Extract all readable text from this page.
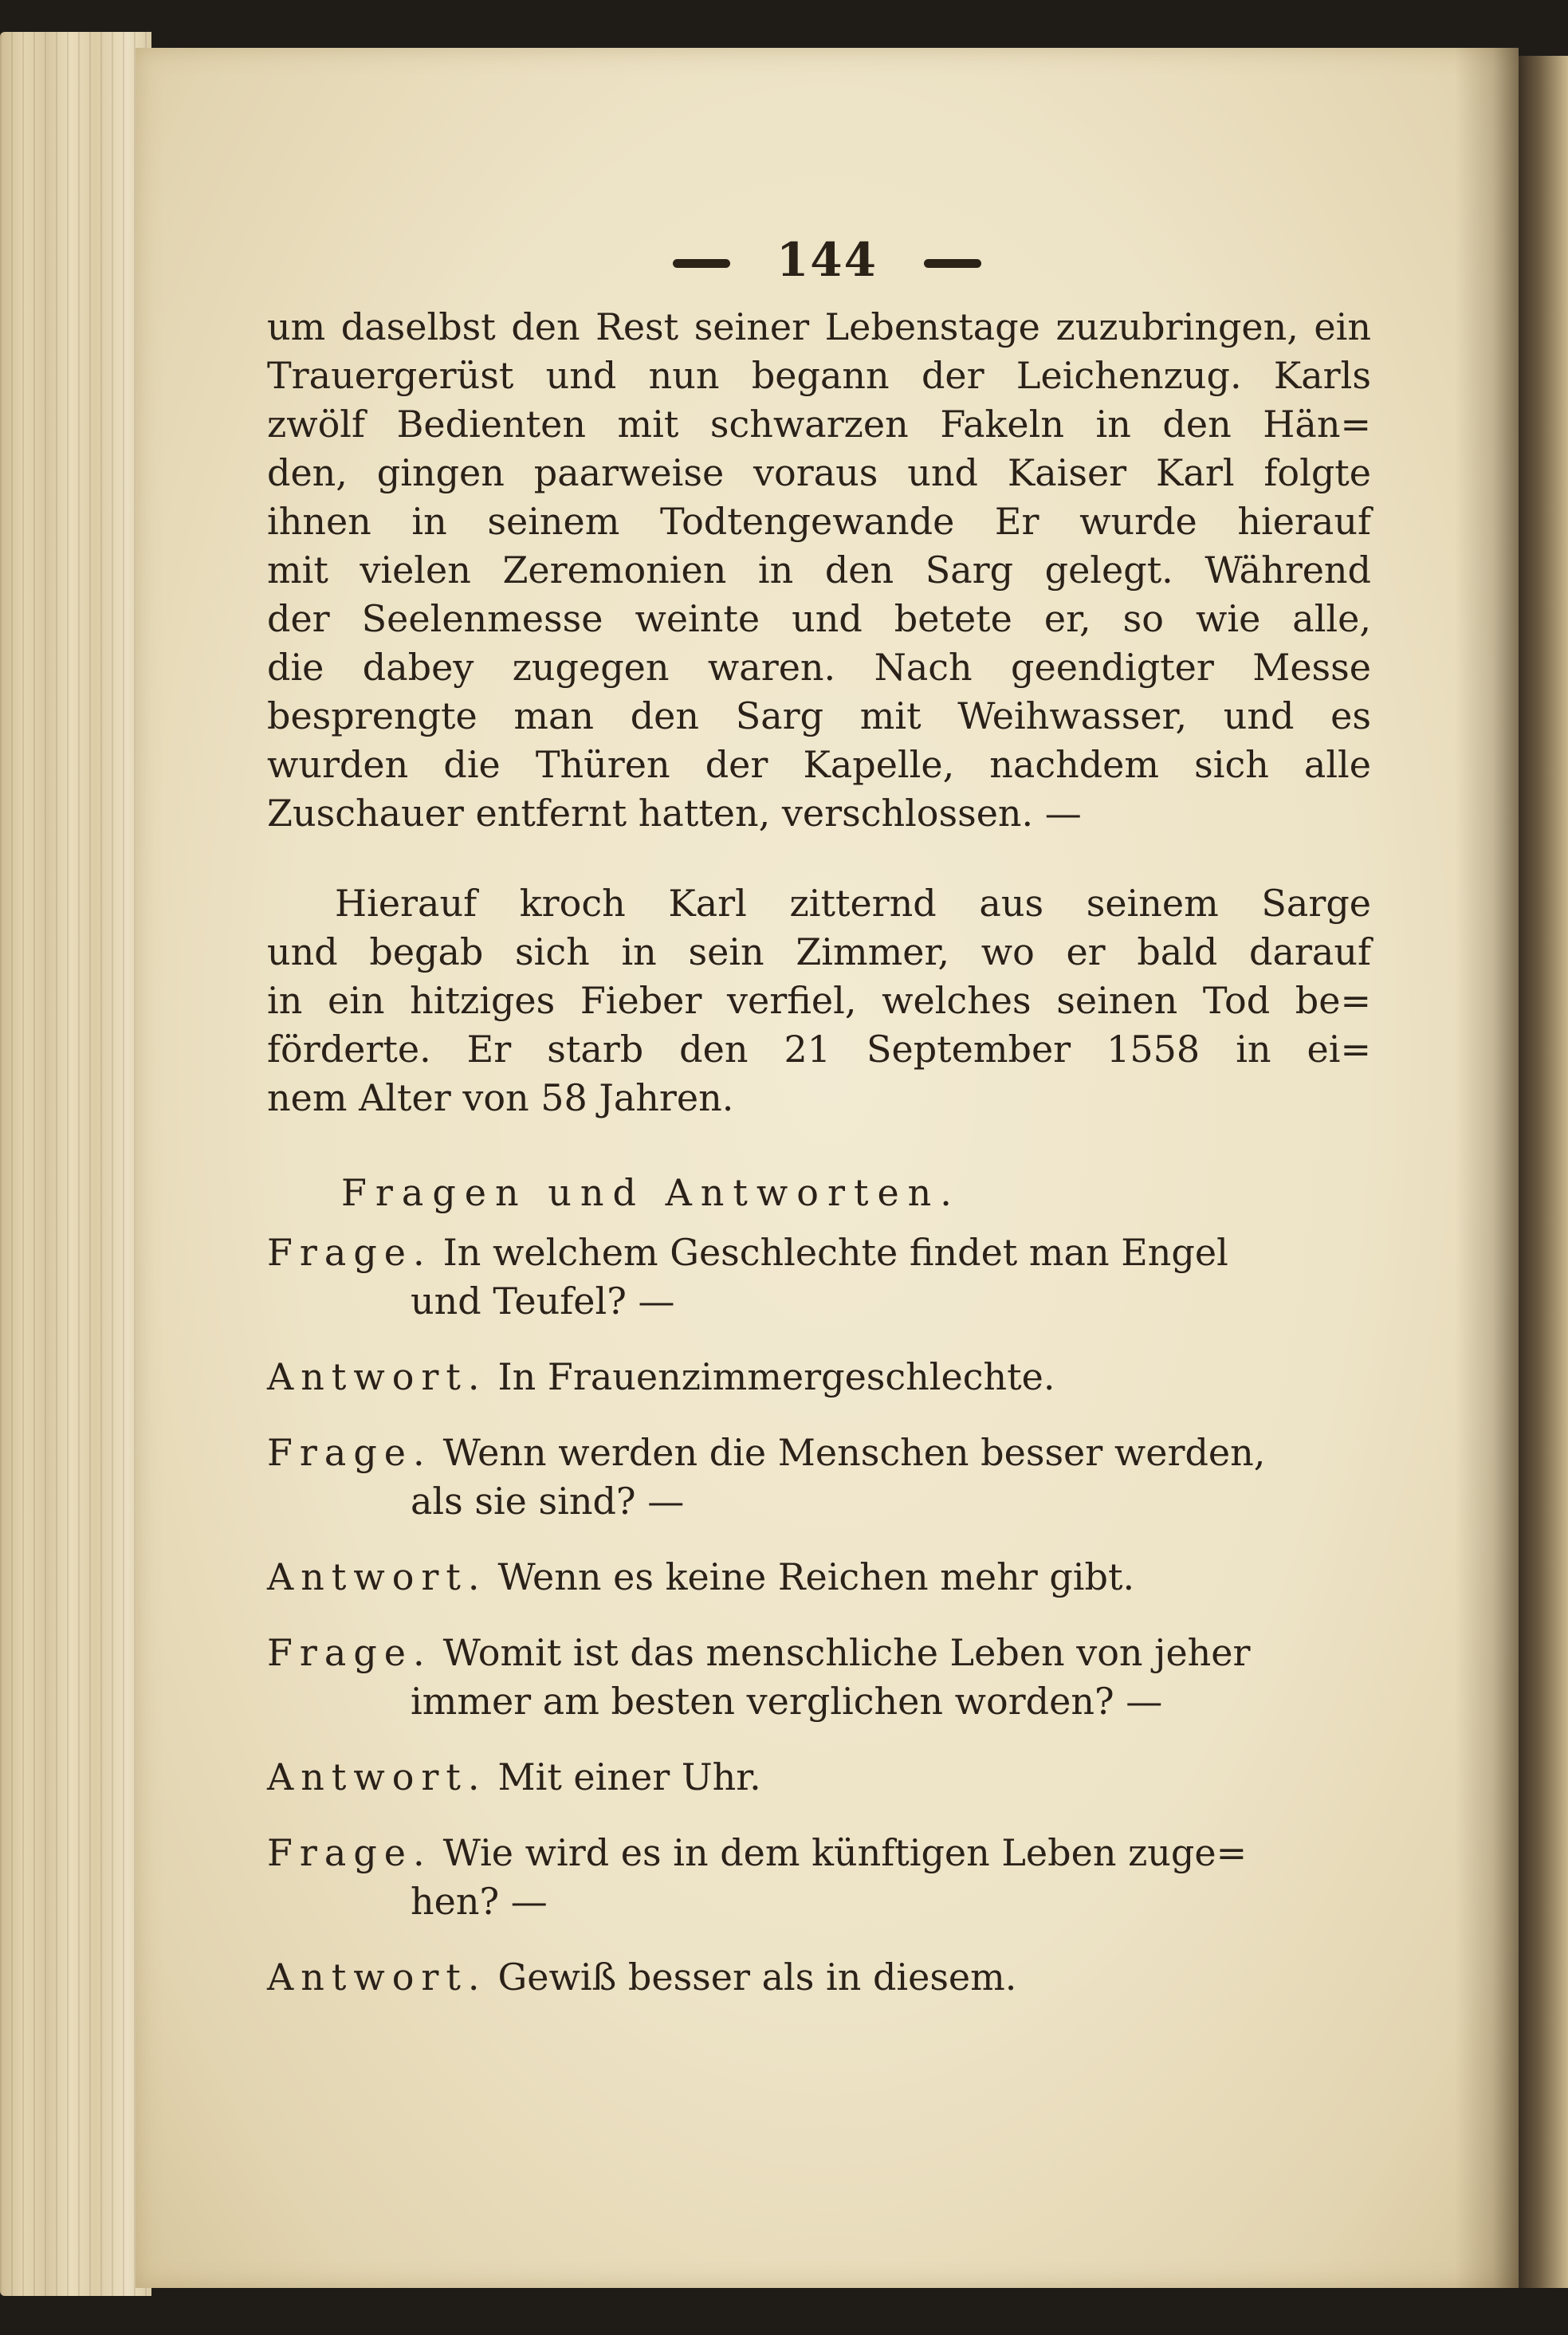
144
um daselbst den Rest seiner Lebenstage zuzubringen, ein
Trauergerüst und nun begann der Leichenzug. Karls
zwölf Bedienten mit schwarzen Fakeln in den Hän=
den, gingen paarweise voraus und Kaiser Karl folgte
ihnen in seinem Todtengewande Er wurde hierauf
mit vielen Zeremonien in den Sarg gelegt. Während
der Seelenmesse weinte und betete er, so wie alle,
die dabey zugegen waren. Nach geendigter Messe
besprengte man den Sarg mit Weihwasser, und es
wurden die Thüren der Kapelle, nachdem sich alle
Zuschauer entfernt hatten, verschlossen. —
Hierauf kroch Karl zitternd aus seinem Sarge
und begab sich in sein Zimmer, wo er bald darauf
in ein hitziges Fieber verfiel, welches seinen Tod be=
förderte. Er starb den 21 September 1558 in ei=
nem Alter von 58 Jahren.
Fragen und Antworten.
Frage. In welchem Geschlechte findet man Engel
und Teufel? —
Antwort. In Frauenzimmergeschlechte.
Frage. Wenn werden die Menschen besser werden,
als sie sind? —
Antwort. Wenn es keine Reichen mehr gibt.
Frage. Womit ist das menschliche Leben von jeher
immer am besten verglichen worden? —
Antwort. Mit einer Uhr.
Frage. Wie wird es in dem künftigen Leben zuge=
hen? —
Antwort. Gewiß besser als in diesem.
